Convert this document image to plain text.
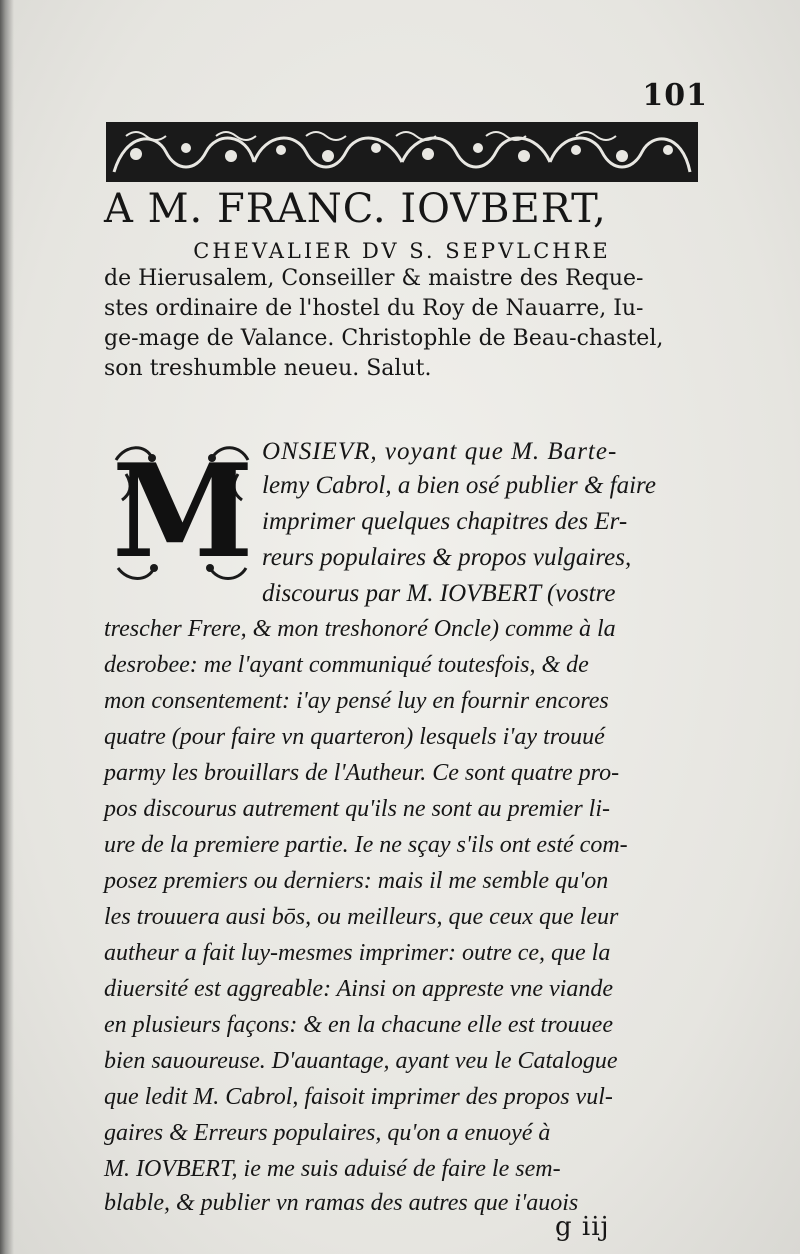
101
A M. FRANC. IOVBERT,
CHEVALIER DV S. SEPVLCHRE
de Hierusalem, Conseiller & maistre des Reque-
stes ordinaire de l'hostel du Roy de Nauarre, Iu-
ge-mage de Valance. Christophle de Beau-chastel,
son treshumble neueu. Salut.
M ONSIEVR, voyant que M. Barte-
lemy Cabrol, a bien osé publier & faire
imprimer quelques chapitres des Er-
reurs populaires & propos vulgaires,
discourus par M. IOVBERT (vostre
trescher Frere, & mon treshonoré Oncle) comme à la
desrobee: me l'ayant communiqué toutesfois, & de
mon consentement: i'ay pensé luy en fournir encores
quatre (pour faire vn quarteron) lesquels i'ay trouué
parmy les brouillars de l'Autheur. Ce sont quatre pro-
pos discourus autrement qu'ils ne sont au premier li-
ure de la premiere partie. Ie ne sçay s'ils ont esté com-
posez premiers ou derniers: mais il me semble qu'on
les trouuera ausi bōs, ou meilleurs, que ceux que leur
autheur a fait luy-mesmes imprimer: outre ce, que la
diuersité est aggreable: Ainsi on appreste vne viande
en plusieurs façons: & en la chacune elle est trouuee
bien sauoureuse. D'auantage, ayant veu le Catalogue
que ledit M. Cabrol, faisoit imprimer des propos vul-
gaires & Erreurs populaires, qu'on a enuoyé à
M. IOVBERT, ie me suis aduisé de faire le sem-
blable, & publier vn ramas des autres que i'auois
g iij
